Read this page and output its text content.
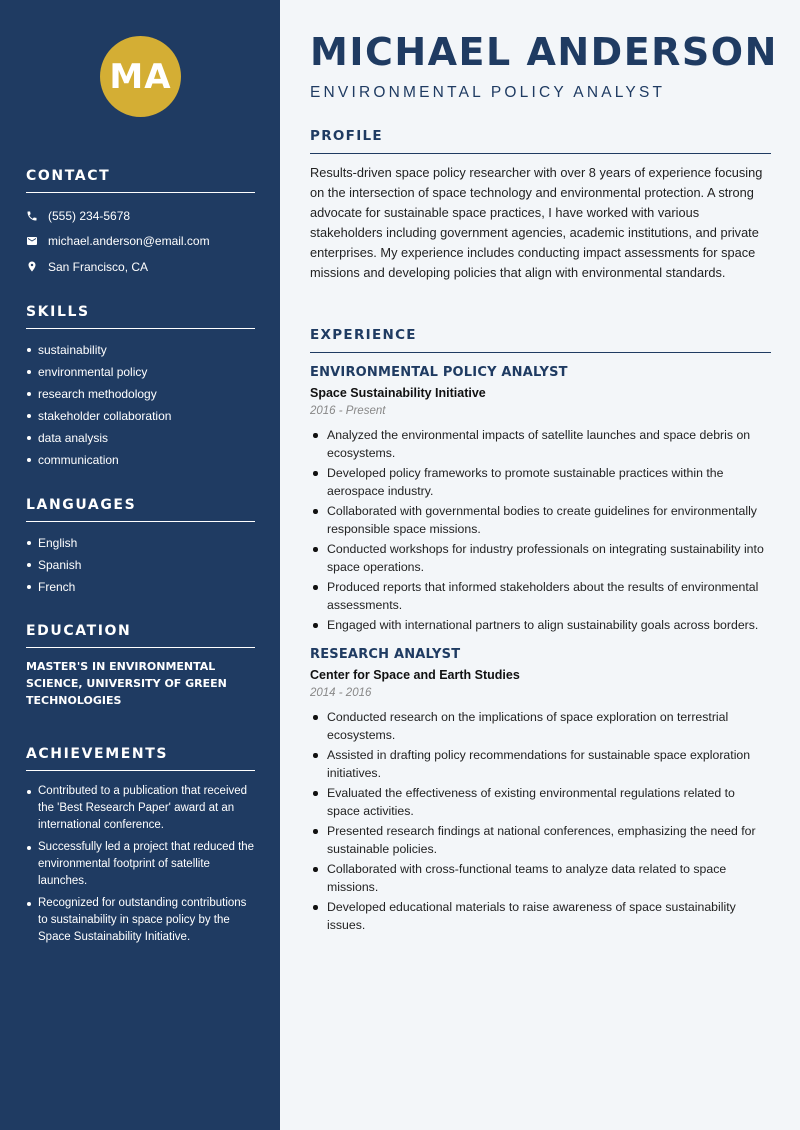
MA
CONTACT
(555) 234-5678
michael.anderson@email.com
San Francisco, CA
SKILLS
sustainability
environmental policy
research methodology
stakeholder collaboration
data analysis
communication
LANGUAGES
English
Spanish
French
EDUCATION

MASTER'S IN ENVIRONMENTAL SCIENCE, UNIVERSITY OF GREEN TECHNOLOGIES

ACHIEVEMENTS
Contributed to a publication that received the 'Best Research Paper' award at an international conference.
Successfully led a project that reduced the environmental footprint of satellite launches.
Recognized for outstanding contributions to sustainability in space policy by the Space Sustainability Initiative.
MICHAEL ANDERSON
ENVIRONMENTAL POLICY ANALYST
PROFILE

Results-driven space policy researcher with over 8 years of experience focusing on the intersection of space technology and environmental protection. A strong advocate for sustainable space practices, I have worked with various stakeholders including government agencies, academic institutions, and private enterprises. My experience includes conducting impact assessments for space missions and developing policies that align with environmental standards.

EXPERIENCE
ENVIRONMENTAL POLICY ANALYST
Space Sustainability Initiative
2016 - Present
Analyzed the environmental impacts of satellite launches and space debris on ecosystems.
Developed policy frameworks to promote sustainable practices within the aerospace industry.
Collaborated with governmental bodies to create guidelines for environmentally responsible space missions.
Conducted workshops for industry professionals on integrating sustainability into space operations.
Produced reports that informed stakeholders about the results of environmental assessments.
Engaged with international partners to align sustainability goals across borders.
RESEARCH ANALYST
Center for Space and Earth Studies
2014 - 2016
Conducted research on the implications of space exploration on terrestrial ecosystems.
Assisted in drafting policy recommendations for sustainable space exploration initiatives.
Evaluated the effectiveness of existing environmental regulations related to space activities.
Presented research findings at national conferences, emphasizing the need for sustainable policies.
Collaborated with cross-functional teams to analyze data related to space missions.
Developed educational materials to raise awareness of space sustainability issues.
